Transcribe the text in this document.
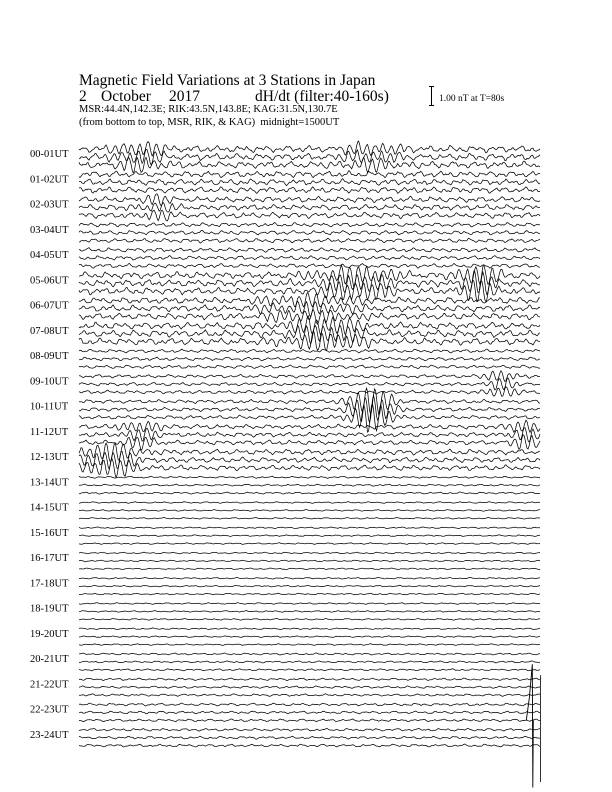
Magnetic Field Variations at 3 Stations in Japan
2 October 2017	dH/dt (filter:40-160s)
MSR:44.4N,142.3E; RIK:43.5N,143.8E; KAG:31.5N,130.7E
(from bottom to top, MSR, RIK, & KAG) midnight=1500UT
1.00 nT at T=80s
00-01UT
01-02UT
02-03UT
03-04UT
04-05UT
05-06UT
06-07UT
07-08UT
08-09UT
09-10UT
10-11UT
11-12UT
12-13UT
13-14UT
14-15UT
15-16UT
16-17UT
17-18UT
18-19UT
19-20UT
20-21UT
21-22UT
22-23UT
23-24UT
